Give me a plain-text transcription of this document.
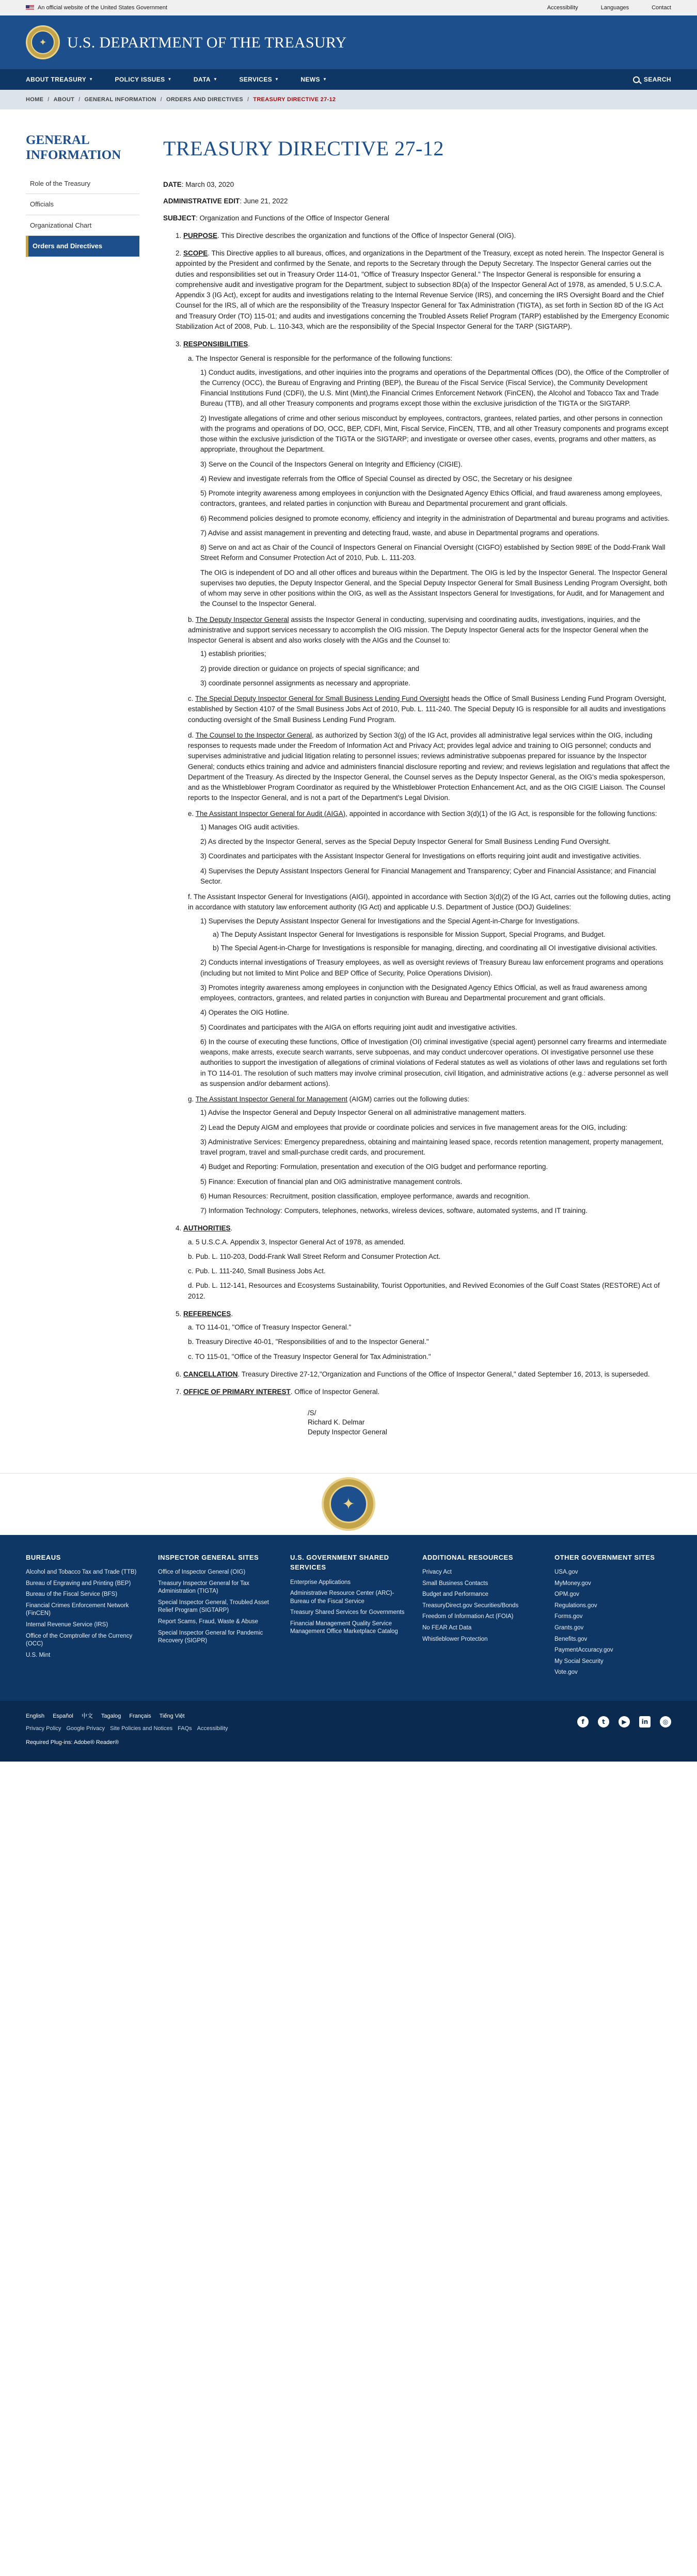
An official website of the United States Government	Accessibility	Languages	Contact
✦	U.S. DEPARTMENT OF THE TREASURY
ABOUT TREASURY ▼	POLICY ISSUES ▼	DATA ▼	SERVICES ▼	NEWS ▼	SEARCH
HOME / ABOUT / GENERAL INFORMATION / ORDERS AND DIRECTIVES / TREASURY DIRECTIVE 27-12
GENERAL INFORMATION
Role of the Treasury
Officials
Organizational Chart
Orders and Directives
TREASURY DIRECTIVE 27-12
DATE: March 03, 2020
ADMINISTRATIVE EDIT: June 21, 2022
SUBJECT: Organization and Functions of the Office of Inspector General
1. PURPOSE. This Directive describes the organization and functions of the Office of Inspector General (OIG).
2. SCOPE. This Directive applies to all bureaus, offices, and organizations in the Department of the Treasury, except as noted herein. The Inspector General is appointed by the President and confirmed by the Senate, and reports to the Secretary through the Deputy Secretary. The Inspector General carries out the duties and responsibilities set out in Treasury Order 114-01, "Office of Treasury Inspector General." The Inspector General is responsible for ensuring a comprehensive audit and investigative program for the Department, subject to subsection 8D(a) of the Inspector General Act of 1978, as amended, 5 U.S.C.A. Appendix 3 (IG Act), except for audits and investigations relating to the Internal Revenue Service (IRS), and concerning the IRS Oversight Board and the Chief Counsel for the IRS, all of which are the responsibility of the Treasury Inspector General for Tax Administration (TIGTA), as set forth in Section 8D of the IG Act and Treasury Order (TO) 115-01; and audits and investigations concerning the Troubled Assets Relief Program (TARP) established by the Emergency Economic Stabilization Act of 2008, Pub. L. 110-343, which are the responsibility of the Special Inspector General for the TARP (SIGTARP).
3. RESPONSIBILITIES.
a. The Inspector General is responsible for the performance of the following functions:
1) Conduct audits, investigations, and other inquiries into the programs and operations of the Departmental Offices (DO), the Office of the Comptroller of the Currency (OCC), the Bureau of Engraving and Printing (BEP), the Bureau of the Fiscal Service (Fiscal Service), the Community Development Financial Institutions Fund (CDFI), the U.S. Mint (Mint),the Financial Crimes Enforcement Network (FinCEN), the Alcohol and Tobacco Tax and Trade Bureau (TTB), and all other Treasury components and programs except those within the exclusive jurisdiction of the TIGTA or the SIGTARP.
2) Investigate allegations of crime and other serious misconduct by employees, contractors, grantees, related parties, and other persons in connection with the programs and operations of DO, OCC, BEP, CDFI, Mint, Fiscal Service, FinCEN, TTB, and all other Treasury components and programs except those within the exclusive jurisdiction of the TIGTA or the SIGTARP; and investigate or oversee other cases, events, programs and other matters, as appropriate, throughout the Department.
3) Serve on the Council of the Inspectors General on Integrity and Efficiency (CIGIE).
4) Review and investigate referrals from the Office of Special Counsel as directed by OSC, the Secretary or his designee
5) Promote integrity awareness among employees in conjunction with the Designated Agency Ethics Official, and fraud awareness among employees, contractors, grantees, and related parties in conjunction with Bureau and Departmental procurement and grant officials.
6) Recommend policies designed to promote economy, efficiency and integrity in the administration of Departmental and bureau programs and activities.
7) Advise and assist management in preventing and detecting fraud, waste, and abuse in Departmental programs and operations.
8) Serve on and act as Chair of the Council of Inspectors General on Financial Oversight (CIGFO) established by Section 989E of the Dodd-Frank Wall Street Reform and Consumer Protection Act of 2010, Pub. L. 111-203.
The OIG is independent of DO and all other offices and bureaus within the Department. The OIG is led by the Inspector General. The Inspector General supervises two deputies, the Deputy Inspector General, and the Special Deputy Inspector General for Small Business Lending Program Oversight, both of whom may serve in other positions within the OIG, as well as the Assistant Inspectors General for Investigations, for Audit, and for Management and the Counsel to the Inspector General.
b. The Deputy Inspector General assists the Inspector General in conducting, supervising and coordinating audits, investigations, inquiries, and the administrative and support services necessary to accomplish the OIG mission. The Deputy Inspector General acts for the Inspector General when the Inspector General is absent and also works closely with the AIGs and the Counsel to:
1) establish priorities;
2) provide direction or guidance on projects of special significance; and
3) coordinate personnel assignments as necessary and appropriate.
c. The Special Deputy Inspector General for Small Business Lending Fund Oversight heads the Office of Small Business Lending Fund Program Oversight, established by Section 4107 of the Small Business Jobs Act of 2010, Pub. L. 111-240. The Special Deputy IG is responsible for all audits and investigations conducting oversight of the Small Business Lending Fund Program.
d. The Counsel to the Inspector General, as authorized by Section 3(g) of the IG Act, provides all administrative legal services within the OIG, including responses to requests made under the Freedom of Information Act and Privacy Act; provides legal advice and training to OIG personnel; conducts and supervises administrative and judicial litigation relating to personnel issues; reviews administrative subpoenas prepared for issuance by the Inspector General; conducts ethics training and advice and administers financial disclosure reporting and review; and reviews legislation and regulations that affect the Department of the Treasury. As directed by the Inspector General, the Counsel serves as the Deputy Inspector General, as the OIG's media spokesperson, and as the Whistleblower Program Coordinator as required by the Whistleblower Protection Enhancement Act, and as the OIG CIGIE Liaison. The Counsel reports to the Inspector General, and is not a part of the Department's Legal Division.
e. The Assistant Inspector General for Audit (AIGA), appointed in accordance with Section 3(d)(1) of the IG Act, is responsible for the following functions:
1) Manages OIG audit activities.
2) As directed by the Inspector General, serves as the Special Deputy Inspector General for Small Business Lending Fund Oversight.
3) Coordinates and participates with the Assistant Inspector General for Investigations on efforts requiring joint audit and investigative activities.
4) Supervises the Deputy Assistant Inspectors General for Financial Management and Transparency; Cyber and Financial Assistance; and Financial Sector.
f. The Assistant Inspector General for Investigations (AIGI), appointed in accordance with Section 3(d)(2) of the IG Act, carries out the following duties, acting in accordance with statutory law enforcement authority (IG Act) and applicable U.S. Department of Justice (DOJ) Guidelines:
1) Supervises the Deputy Assistant Inspector General for Investigations and the Special Agent-in-Charge for Investigations.
a) The Deputy Assistant Inspector General for Investigations is responsible for Mission Support, Special Programs, and Budget.
b) The Special Agent-in-Charge for Investigations is responsible for managing, directing, and coordinating all OI investigative divisional activities.
2) Conducts internal investigations of Treasury employees, as well as oversight reviews of Treasury Bureau law enforcement programs and operations (including but not limited to Mint Police and BEP Office of Security, Police Operations Division).
3) Promotes integrity awareness among employees in conjunction with the Designated Agency Ethics Official, as well as fraud awareness among employees, contractors, grantees, and related parties in conjunction with Bureau and Departmental procurement and grant officials.
4) Operates the OIG Hotline.
5) Coordinates and participates with the AIGA on efforts requiring joint audit and investigative activities.
6) In the course of executing these functions, Office of Investigation (OI) criminal investigative (special agent) personnel carry firearms and intermediate weapons, make arrests, execute search warrants, serve subpoenas, and may conduct undercover operations. OI investigative personnel use these authorities to support the investigation of allegations of criminal violations of Federal statutes as well as violations of other laws and regulations set forth in TO 114-01. The resolution of such matters may involve criminal prosecution, civil litigation, and administrative actions (e.g.: adverse personnel as well as suspension and/or debarment actions).
g. The Assistant Inspector General for Management (AIGM) carries out the following duties:
1) Advise the Inspector General and Deputy Inspector General on all administrative management matters.
2) Lead the Deputy AIGM and employees that provide or coordinate policies and services in five management areas for the OIG, including:
3) Administrative Services: Emergency preparedness, obtaining and maintaining leased space, records retention management, property management, travel program, travel and small-purchase credit cards, and procurement.
4) Budget and Reporting: Formulation, presentation and execution of the OIG budget and performance reporting.
5) Finance: Execution of financial plan and OIG administrative management controls.
6) Human Resources: Recruitment, position classification, employee performance, awards and recognition.
7) Information Technology: Computers, telephones, networks, wireless devices, software, automated systems, and IT training.
4. AUTHORITIES.
a. 5 U.S.C.A. Appendix 3, Inspector General Act of 1978, as amended.
b. Pub. L. 110-203, Dodd-Frank Wall Street Reform and Consumer Protection Act.
c. Pub. L. 111-240, Small Business Jobs Act.
d. Pub. L. 112-141, Resources and Ecosystems Sustainability, Tourist Opportunities, and Revived Economies of the Gulf Coast States (RESTORE) Act of 2012.
5. REFERENCES.
a. TO 114-01, "Office of Treasury Inspector General."
b. Treasury Directive 40-01, "Responsibilities of and to the Inspector General."
c. TO 115-01, "Office of the Treasury Inspector General for Tax Administration."
6. CANCELLATION. Treasury Directive 27-12,"Organization and Functions of the Office of Inspector General," dated September 16, 2013, is superseded.
7. OFFICE OF PRIMARY INTEREST. Office of Inspector General.
/S/
Richard K. Delmar
Deputy Inspector General
✦
BUREAUS
Alcohol and Tobacco Tax and Trade (TTB)
Bureau of Engraving and Printing (BEP)
Bureau of the Fiscal Service (BFS)
Financial Crimes Enforcement Network (FinCEN)
Internal Revenue Service (IRS)
Office of the Comptroller of the Currency (OCC)
U.S. Mint
INSPECTOR GENERAL SITES
Office of Inspector General (OIG)
Treasury Inspector General for Tax Administration (TIGTA)
Special Inspector General, Troubled Asset Relief Program (SIGTARP)
Report Scams, Fraud, Waste & Abuse
Special Inspector General for Pandemic Recovery (SIGPR)
U.S. GOVERNMENT SHARED SERVICES
Enterprise Applications
Administrative Resource Center (ARC)- Bureau of the Fiscal Service
Treasury Shared Services for Governments
Financial Management Quality Service Management Office Marketplace Catalog
ADDITIONAL RESOURCES
Privacy Act
Small Business Contacts
Budget and Performance
TreasuryDirect.gov Securities/Bonds
Freedom of Information Act (FOIA)
No FEAR Act Data
Whistleblower Protection
OTHER GOVERNMENT SITES
USA.gov
MyMoney.gov
OPM.gov
Regulations.gov
Forms.gov
Grants.gov
Benefits.gov
PaymentAccuracy.gov
My Social Security
Vote.gov
English Español 中文 Tagalog Français Tiếng Việt
Privacy Policy Google Privacy Site Policies and Notices FAQs Accessibility
Required Plug-ins: Adobe® Reader®
f	t	▶	in	◎
